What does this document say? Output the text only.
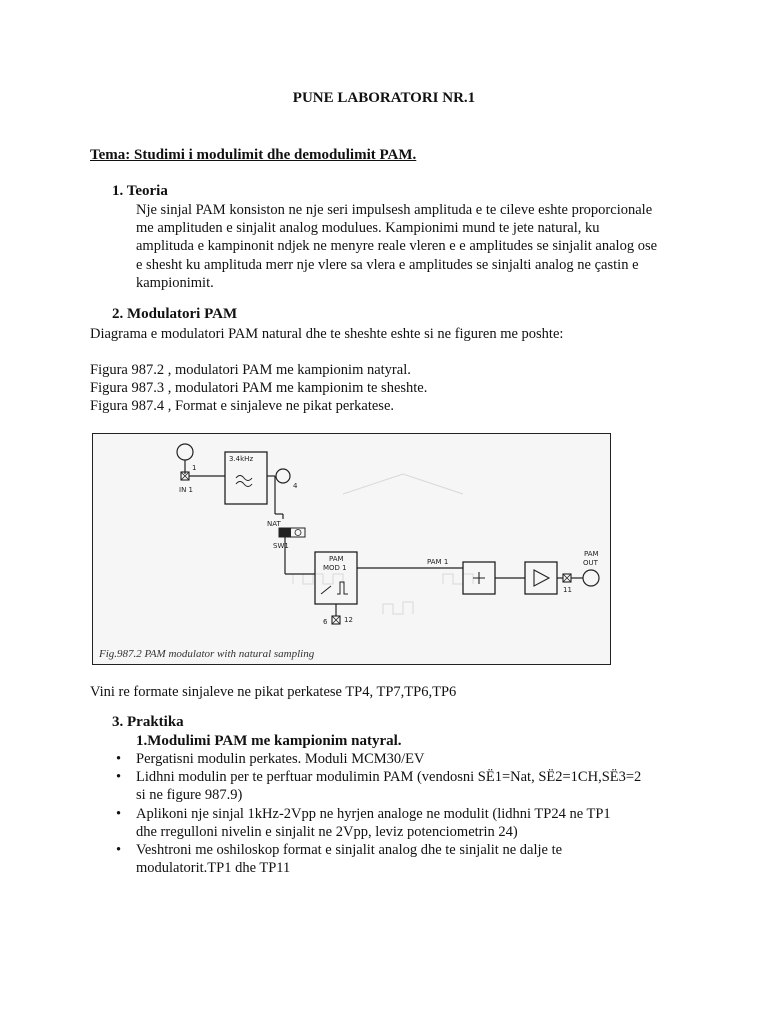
PUNE LABORATORI NR.1
Tema: Studimi i modulimit dhe demodulimit PAM.
1. Teoria
Nje sinjal PAM konsiston ne nje seri impulsesh amplituda e te cileve eshte proporcionale
me amplituden e sinjalit analog modulues. Kampionimi mund te jete natural, ku
amplituda e kampinonit ndjek ne menyre reale vleren e e amplitudes se sinjalit analog ose
e shesht ku amplituda merr nje vlere sa vlera e amplitudes se sinjalti analog ne çastin e
kampionimit.
2. Modulatori PAM
Diagrama e modulatori PAM natural dhe te sheshte eshte si ne figuren me poshte:
Figura 987.2 , modulatori PAM me kampionim natyral.
Figura 987.3 , modulatori PAM me kampionim te sheshte.
Figura 987.4 , Format e sinjaleve ne pikat perkatese.
IN 1
1
3.4kHz
4
NAT
SW1
PAM
MOD 1
6 12
PAM 1
11
PAM
OUT
Fig.987.2 PAM modulator with natural sampling
Vini re formate sinjaleve ne pikat perkatese TP4, TP7,TP6,TP6
3. Praktika
1.Modulimi PAM me kampionim natyral.
• Pergatisni modulin perkates. Moduli MCM30/EV
• Lidhni modulin per te perftuar modulimin PAM (vendosni SË1=Nat, SË2=1CH,SË3=2
si ne figure 987.9)
• Aplikoni nje sinjal 1kHz-2Vpp ne hyrjen analoge ne modulit (lidhni TP24 ne TP1
dhe rregulloni nivelin e sinjalit ne 2Vpp, leviz potenciometrin 24)
• Veshtroni me oshiloskop format e sinjalit analog dhe te sinjalit ne dalje te
modulatorit.TP1 dhe TP11
